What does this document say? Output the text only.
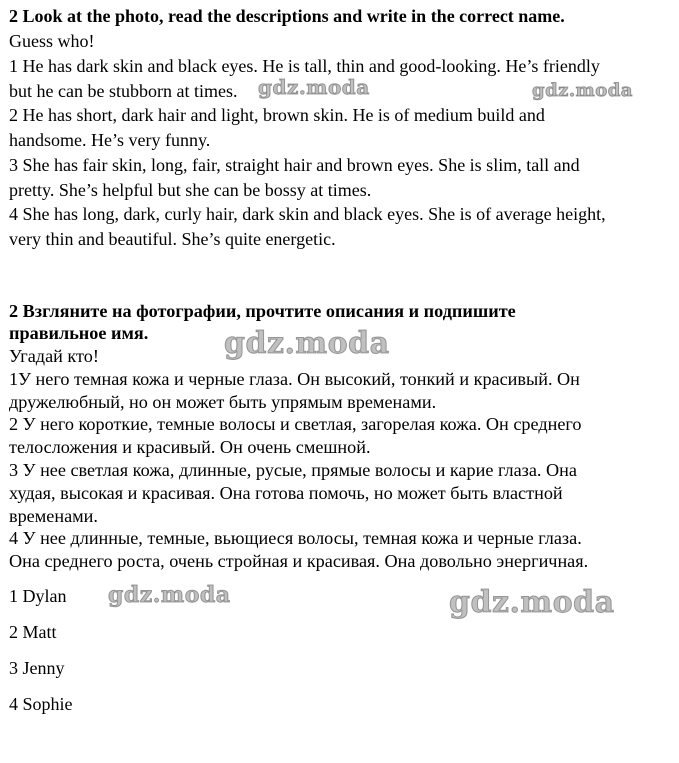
2 Look at the photo, read the descriptions and write in the correct name.
Guess who!
1 He has dark skin and black eyes. He is tall, thin and good-looking. He’s friendly
but he can be stubborn at times.
2 He has short, dark hair and light, brown skin. He is of medium build and
handsome. He’s very funny.
3 She has fair skin, long, fair, straight hair and brown eyes. She is slim, tall and
pretty. She’s helpful but she can be bossy at times.
4 She has long, dark, curly hair, dark skin and black eyes. She is of average height,
very thin and beautiful. She’s quite energetic.
2 Взгляните на фотографии, прочтите описания и подпишите
правильное имя.
Угадай кто!
1У него темная кожа и черные глаза. Он высокий, тонкий и красивый. Он
дружелюбный, но он может быть упрямым временами.
2 У него короткие, темные волосы и светлая, загорелая кожа. Он среднего
телосложения и красивый. Он очень смешной.
3 У нее светлая кожа, длинные, русые, прямые волосы и карие глаза. Она
худая, высокая и красивая. Она готова помочь, но может быть властной
временами.
4 У нее длинные, темные, вьющиеся волосы, темная кожа и черные глаза.
Она среднего роста, очень стройная и красивая. Она довольно энергичная.
1 Dylan
2 Matt
3 Jenny
4 Sophie
gdz.moda	gdz.moda
gdz.moda
gdz.moda	gdz.moda
